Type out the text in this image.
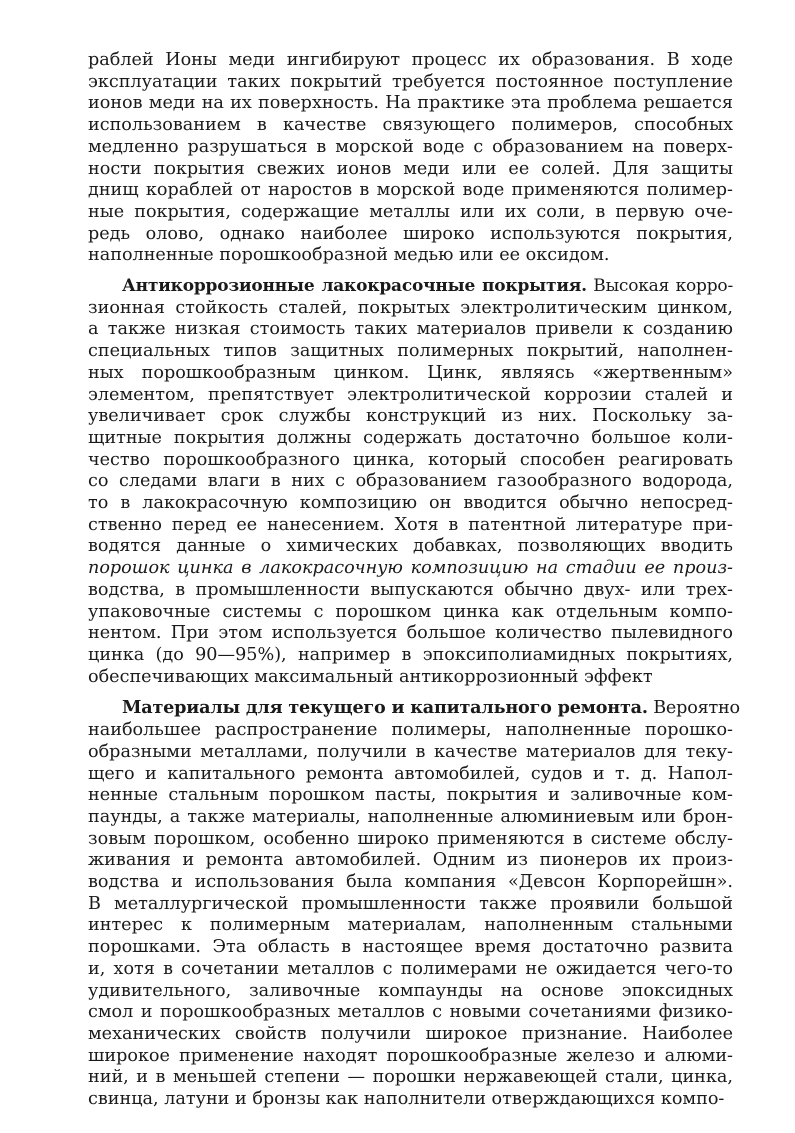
раблей Ионы меди ингибируют процесс их образования. В ходе
эксплуатации таких покрытий требуется постоянное поступление
ионов меди на их поверхность. На практике эта проблема решается
использованием в качестве связующего полимеров, способных
медленно разрушаться в морской воде с образованием на поверх-
ности покрытия свежих ионов меди или ее солей. Для защиты
днищ кораблей от наростов в морской воде применяются полимер-
ные покрытия, содержащие металлы или их соли, в первую оче-
редь олово, однако наиболее широко используются покрытия,
наполненные порошкообразной медью или ее оксидом.
Антикоррозионные лакокрасочные покрытия. Высокая корро-
зионная стойкость сталей, покрытых электролитическим цинком,
а также низкая стоимость таких материалов привели к созданию
специальных типов защитных полимерных покрытий, наполнен-
ных порошкообразным цинком. Цинк, являясь «жертвенным»
элементом, препятствует электролитической коррозии сталей и
увеличивает срок службы конструкций из них. Поскольку за-
щитные покрытия должны содержать достаточно большое коли-
чество порошкообразного цинка, который способен реагировать
со следами влаги в них с образованием газообразного водорода,
то в лакокрасочную композицию он вводится обычно непосред-
ственно перед ее нанесением. Хотя в патентной литературе при-
водятся данные о химических добавках, позволяющих вводить
порошок цинка в лакокрасочную композицию на стадии ее произ-
водства, в промышленности выпускаются обычно двух- или трех-
упаковочные системы с порошком цинка как отдельным компо-
нентом. При этом используется большое количество пылевидного
цинка (до 90—95%), например в эпоксиполиамидных покрытиях,
обеспечивающих максимальный антикоррозионный эффект
Материалы для текущего и капитального ремонта. Вероятно
наибольшее распространение полимеры, наполненные порошко-
образными металлами, получили в качестве материалов для теку-
щего и капитального ремонта автомобилей, судов и т. д. Напол-
ненные стальным порошком пасты, покрытия и заливочные ком-
паунды, а также материалы, наполненные алюминиевым или брон-
зовым порошком, особенно широко применяются в системе обслу-
живания и ремонта автомобилей. Одним из пионеров их произ-
водства и использования была компания «Девсон Корпорейшн».
В металлургической промышленности также проявили большой
интерес к полимерным материалам, наполненным стальными
порошками. Эта область в настоящее время достаточно развита
и, хотя в сочетании металлов с полимерами не ожидается чего-то
удивительного, заливочные компаунды на основе эпоксидных
смол и порошкообразных металлов с новыми сочетаниями физико-
механических свойств получили широкое признание. Наиболее
широкое применение находят порошкообразные железо и алюми-
ний, и в меньшей степени — порошки нержавеющей стали, цинка,
свинца, латуни и бронзы как наполнители отверждающихся компо-
